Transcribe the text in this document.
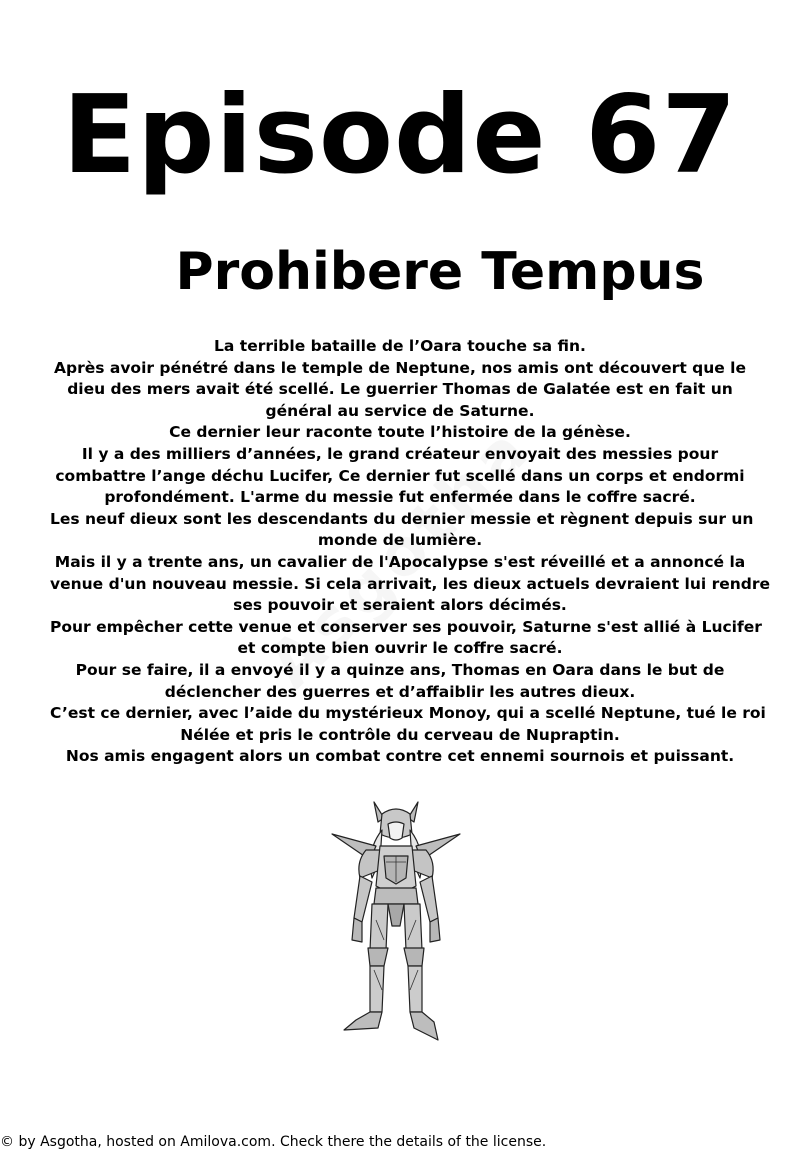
Episode 67
Prohibere Tempus
La terrible bataille de l’Oara touche sa fin.
Après avoir pénétré dans le temple de Neptune, nos amis ont découvert que le
dieu des mers avait été scellé. Le guerrier Thomas de Galatée est en fait un
général au service de Saturne.
Ce dernier leur raconte toute l’histoire de la génèse.
Il y a des milliers d’années, le grand créateur envoyait des messies pour
combattre l’ange déchu Lucifer, Ce dernier fut scellé dans un corps et endormi
profondément. L'arme du messie fut enfermée dans le coffre sacré.
Les neuf dieux sont les descendants du dernier messie et règnent depuis sur un
monde de lumière.
Mais il y a trente ans, un cavalier de l'Apocalypse s'est réveillé et a annoncé la
venue d'un nouveau messie. Si cela arrivait, les dieux actuels devraient lui rendre
ses pouvoir et seraient alors décimés.
Pour empêcher cette venue et conserver ses pouvoir, Saturne s'est allié à Lucifer
et compte bien ouvrir le coffre sacré.
Pour se faire, il a envoyé il y a quinze ans, Thomas en Oara dans le but de
déclencher des guerres et d’affaiblir les autres dieux.
C’est ce dernier, avec l’aide du mystérieux Monoy, qui a scellé Neptune, tué le roi
Nélée et pris le contrôle du cerveau de Nupraptin.
Nos amis engagent alors un combat contre cet ennemi sournois et puissant.
© by Asgotha, hosted on Amilova.com. Check there the details of the license.
